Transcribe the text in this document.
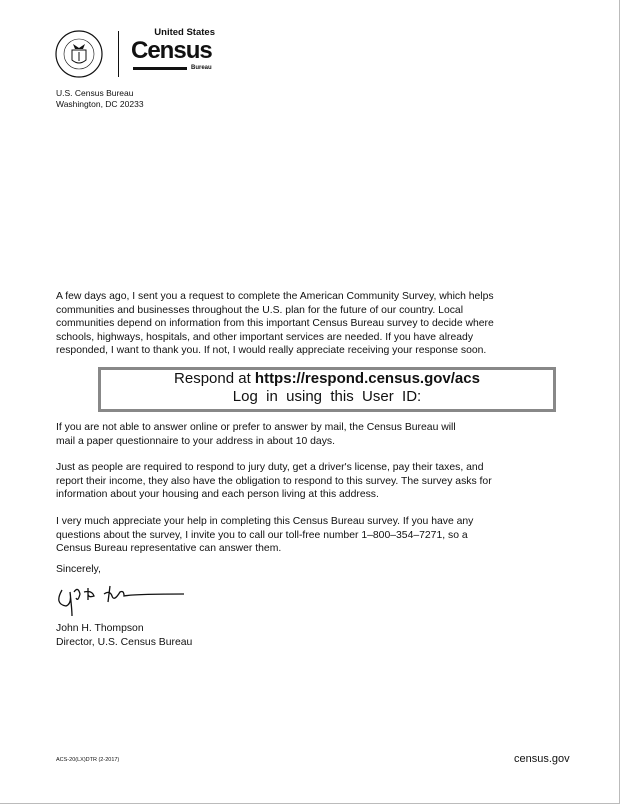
United States
Census
Bureau
U.S. Census Bureau
Washington, DC 20233
A few days ago, I sent you a request to complete the American Community Survey, which helps
communities and businesses throughout the U.S. plan for the future of our country. Local
communities depend on information from this important Census Bureau survey to decide where
schools, highways, hospitals, and other important services are needed. If you have already
responded, I want to thank you. If not, I would really appreciate receiving your response soon.
Respond at https://respond.census.gov/acs
Log  in  using  this  User  ID:
If you are not able to answer online or prefer to answer by mail, the Census Bureau will
mail a paper questionnaire to your address in about 10 days.
Just as people are required to respond to jury duty, get a driver's license, pay their taxes, and
report their income, they also have the obligation to respond to this survey. The survey asks for
information about your housing and each person living at this address.
I very much appreciate your help in completing this Census Bureau survey. If you have any
questions about the survey, I invite you to call our toll-free number 1–800–354–7271, so a
Census Bureau representative can answer them.
Sincerely,
John H. Thompson
Director, U.S. Census Bureau
ACS-20(LX)DTR (2-2017)	census.gov
